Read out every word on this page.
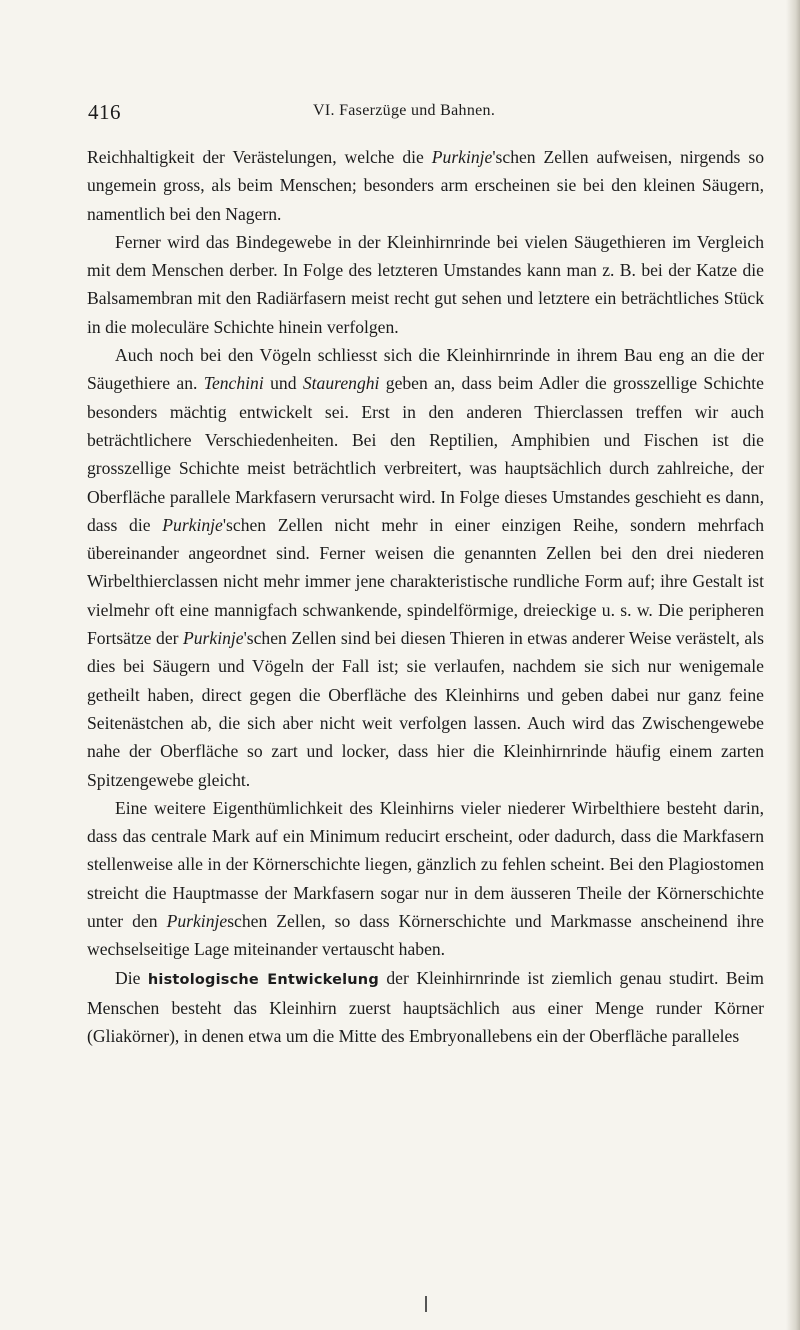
416	VI. Faserzüge und Bahnen.

Reichhaltigkeit der Verästelungen, welche die Purkinje'schen Zellen aufweisen, nirgends so ungemein gross, als beim Menschen; besonders arm erscheinen sie bei den kleinen Säugern, namentlich bei den Nagern.

Ferner wird das Bindegewebe in der Kleinhirnrinde bei vielen Säugethieren im Vergleich mit dem Menschen derber. In Folge des letzteren Umstandes kann man z. B. bei der Katze die Balsamembran mit den Radiärfasern meist recht gut sehen und letztere ein beträchtliches Stück in die moleculäre Schichte hinein verfolgen.

Auch noch bei den Vögeln schliesst sich die Kleinhirnrinde in ihrem Bau eng an die der Säugethiere an. Tenchini und Staurenghi geben an, dass beim Adler die grosszellige Schichte besonders mächtig entwickelt sei. Erst in den anderen Thierclassen treffen wir auch beträchtlichere Verschiedenheiten. Bei den Reptilien, Amphibien und Fischen ist die grosszellige Schichte meist beträchtlich verbreitert, was hauptsächlich durch zahlreiche, der Oberfläche parallele Markfasern verursacht wird. In Folge dieses Umstandes geschieht es dann, dass die Purkinje'schen Zellen nicht mehr in einer einzigen Reihe, sondern mehrfach übereinander angeordnet sind. Ferner weisen die genannten Zellen bei den drei niederen Wirbelthierclassen nicht mehr immer jene charakteristische rundliche Form auf; ihre Gestalt ist vielmehr oft eine mannigfach schwankende, spindelförmige, dreieckige u. s. w. Die peripheren Fortsätze der Purkinje'schen Zellen sind bei diesen Thieren in etwas anderer Weise verästelt, als dies bei Säugern und Vögeln der Fall ist; sie verlaufen, nachdem sie sich nur wenigemale getheilt haben, direct gegen die Oberfläche des Kleinhirns und geben dabei nur ganz feine Seitenästchen ab, die sich aber nicht weit verfolgen lassen. Auch wird das Zwischengewebe nahe der Oberfläche so zart und locker, dass hier die Kleinhirnrinde häufig einem zarten Spitzengewebe gleicht.

Eine weitere Eigenthümlichkeit des Kleinhirns vieler niederer Wirbelthiere besteht darin, dass das centrale Mark auf ein Minimum reducirt erscheint, oder dadurch, dass die Markfasern stellenweise alle in der Körnerschichte liegen, gänzlich zu fehlen scheint. Bei den Plagiostomen streicht die Hauptmasse der Markfasern sogar nur in dem äusseren Theile der Körnerschichte unter den Purkinjeschen Zellen, so dass Körnerschichte und Markmasse anscheinend ihre wechselseitige Lage miteinander vertauscht haben.

Die histologische Entwickelung der Kleinhirnrinde ist ziemlich genau studirt. Beim Menschen besteht das Kleinhirn zuerst hauptsächlich aus einer Menge runder Körner (Gliakörner), in denen etwa um die Mitte des Embryonallebens ein der Oberfläche paralleles
